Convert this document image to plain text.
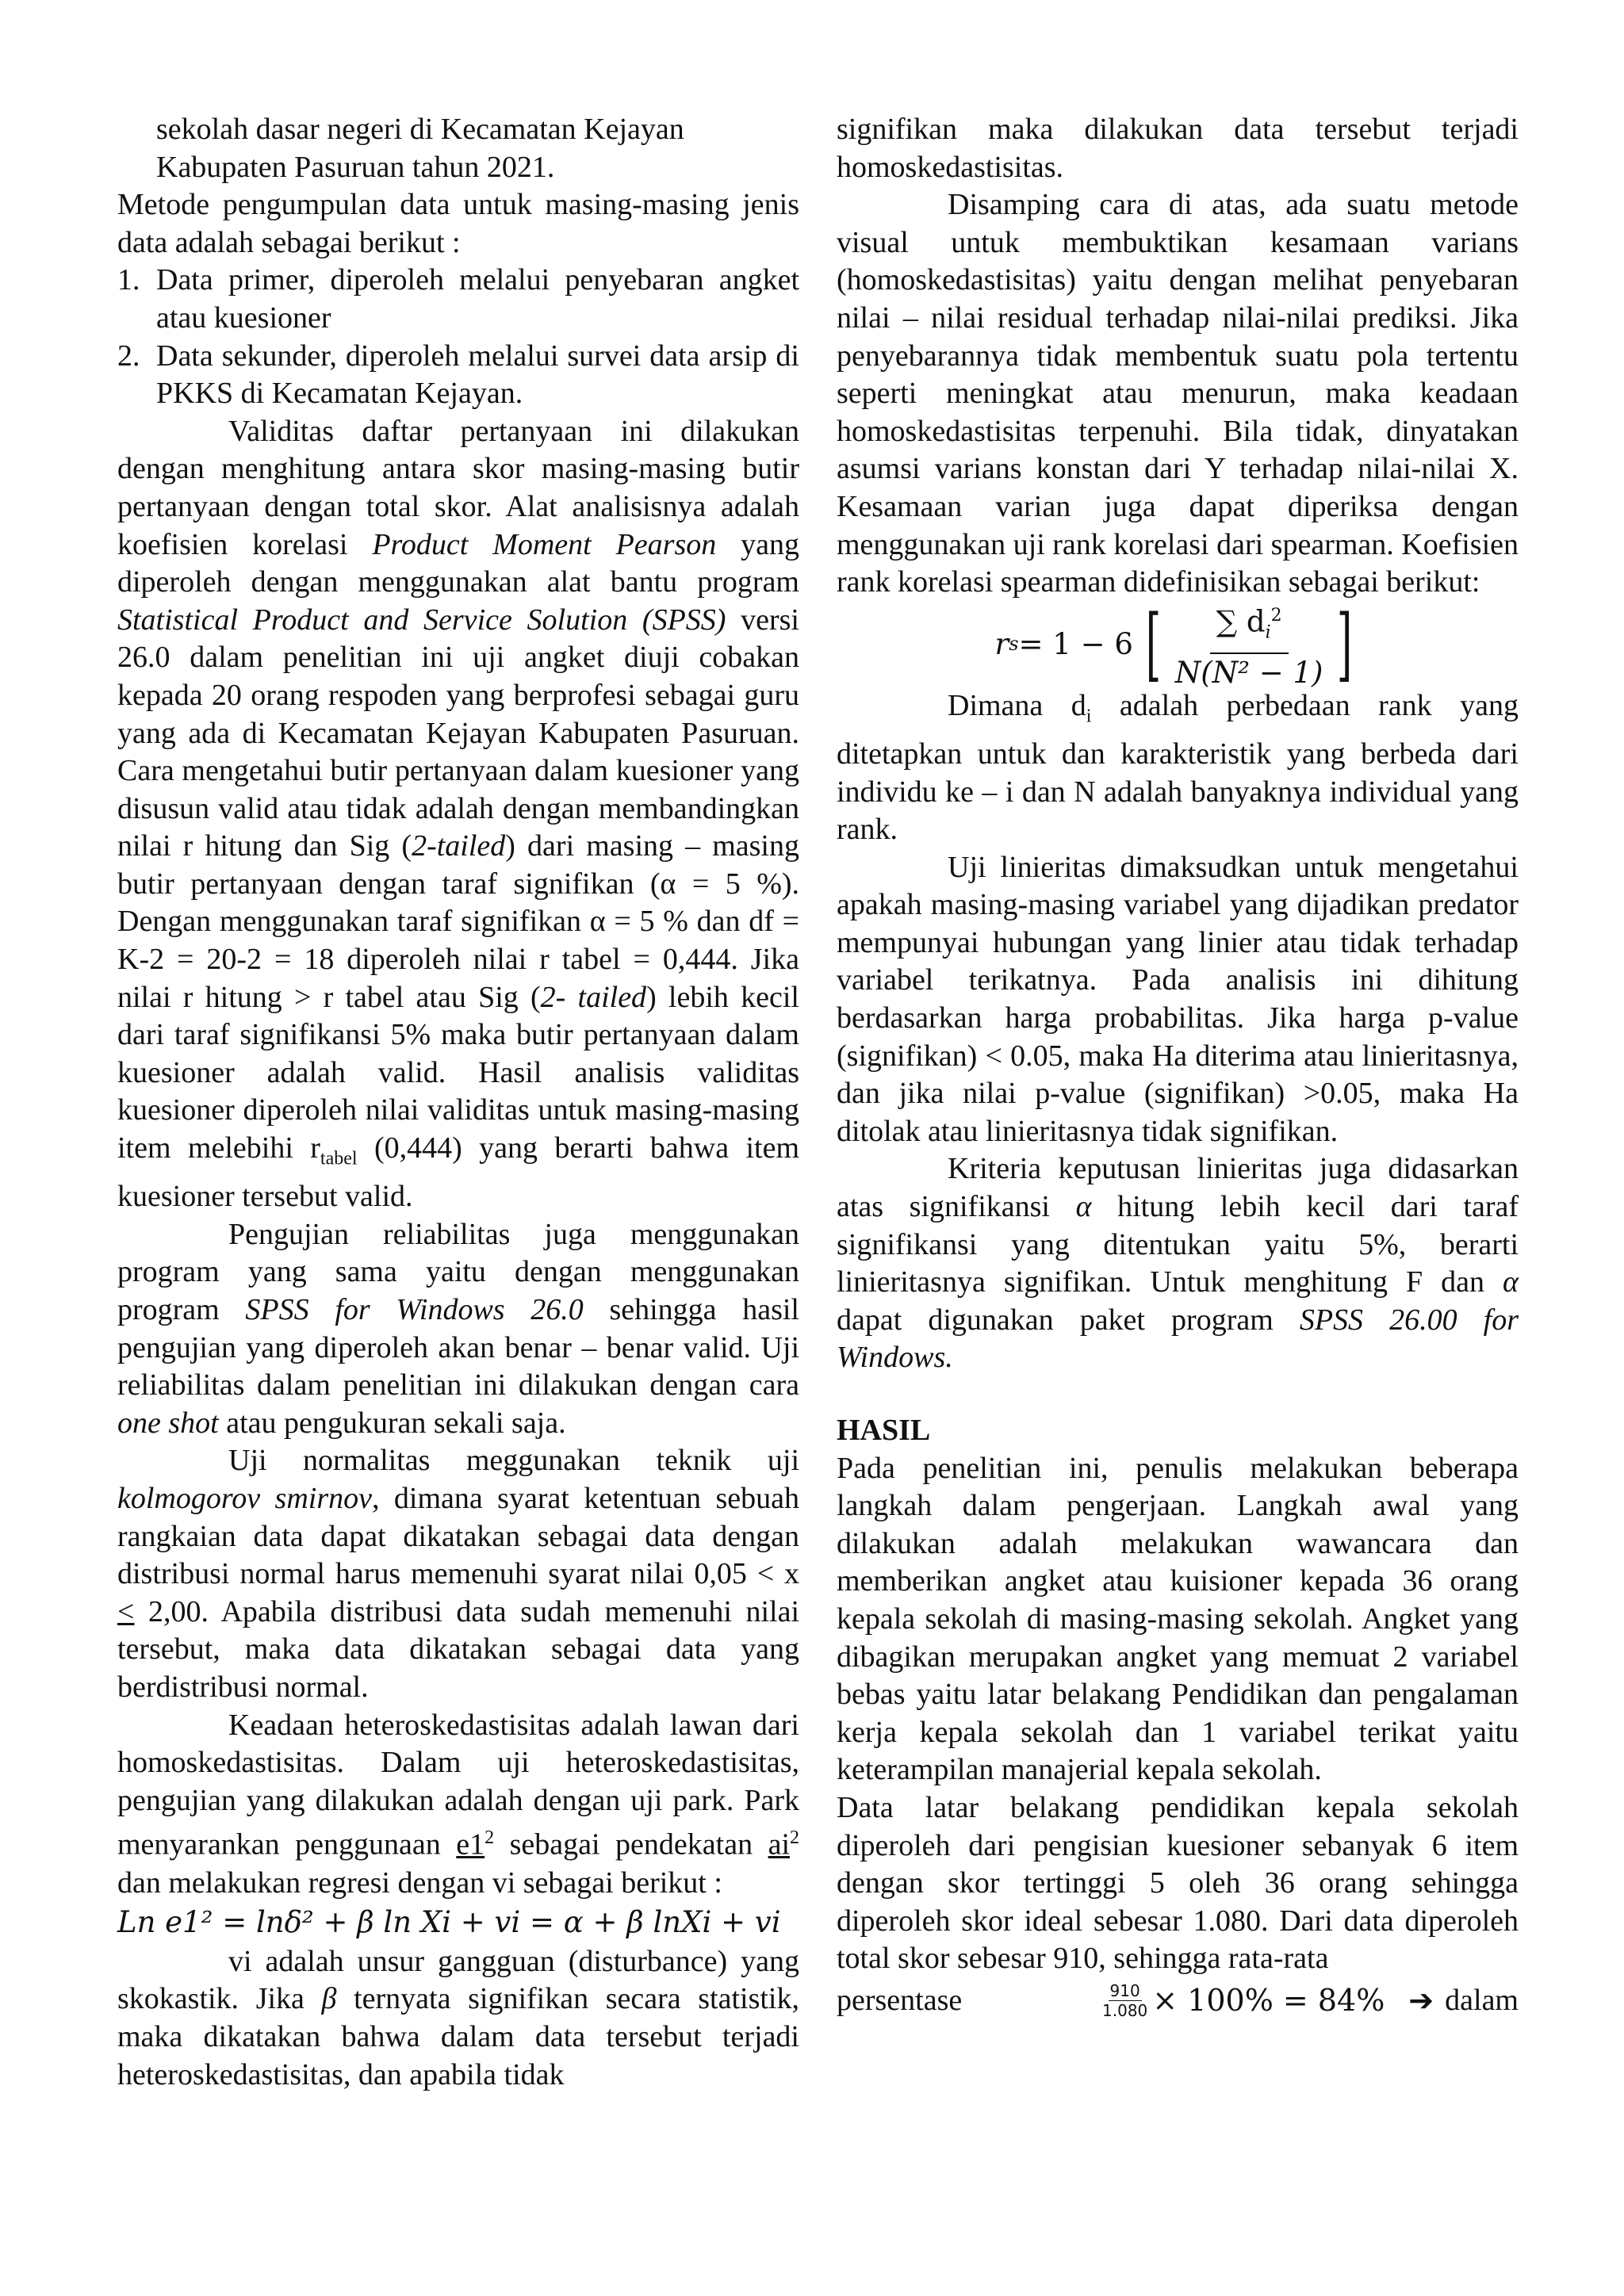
sekolah dasar negeri di Kecamatan Kejayan
Kabupaten Pasuruan tahun 2021.

Metode pengumpulan data untuk masing-masing jenis data adalah sebagai berikut :

1. Data primer, diperoleh melalui penyebaran angket atau kuesioner
2. Data sekunder, diperoleh melalui survei data arsip di PKKS di Kecamatan Kejayan.

Validitas daftar pertanyaan ini dilakukan dengan menghitung antara skor masing-masing butir pertanyaan dengan total skor. Alat analisisnya adalah koefisien korelasi Product Moment Pearson yang diperoleh dengan menggunakan alat bantu program Statistical Product and Service Solution (SPSS) versi 26.0 dalam penelitian ini uji angket diuji cobakan kepada 20 orang respoden yang berprofesi sebagai guru yang ada di Kecamatan Kejayan Kabupaten Pasuruan. Cara mengetahui butir pertanyaan dalam kuesioner yang disusun valid atau tidak adalah dengan membandingkan nilai r hitung dan Sig (2-tailed) dari masing – masing butir pertanyaan dengan taraf signifikan (α = 5 %). Dengan menggunakan taraf signifikan α = 5 % dan df = K-2 = 20-2 = 18 diperoleh nilai r tabel = 0,444. Jika nilai r hitung > r tabel atau Sig (2- tailed) lebih kecil dari taraf signifikansi 5% maka butir pertanyaan dalam kuesioner adalah valid. Hasil analisis validitas kuesioner diperoleh nilai validitas untuk masing-masing item melebihi $r_{tabel}$ (0,444) yang berarti bahwa item kuesioner tersebut valid.

Pengujian reliabilitas juga menggunakan program yang sama yaitu dengan menggunakan program SPSS for Windows 26.0 sehingga hasil pengujian yang diperoleh akan benar – benar valid. Uji reliabilitas dalam penelitian ini dilakukan dengan cara one shot atau pengukuran sekali saja.

Uji normalitas meggunakan teknik uji kolmogorov smirnov, dimana syarat ketentuan sebuah rangkaian data dapat dikatakan sebagai data dengan distribusi normal harus memenuhi syarat nilai 0,05 < x < 2,00. Apabila distribusi data sudah memenuhi nilai tersebut, maka data dikatakan sebagai data yang berdistribusi normal.

Keadaan heteroskedastisitas adalah lawan dari homoskedastisitas. Dalam uji heteroskedastisitas, pengujian yang dilakukan adalah dengan uji park. Park menyarankan penggunaan $e1^2$ sebagai pendekatan $ai^2$ dan melakukan regresi dengan vi sebagai berikut :

Ln e1² = lnδ² + β ln Xi + vi = α + β lnXi + vi

vi adalah unsur gangguan (disturbance) yang skokastik. Jika β ternyata signifikan secara statistik, maka dikatakan bahwa dalam data tersebut terjadi heteroskedastisitas, dan apabila tidak

signifikan maka dilakukan data tersebut terjadi homoskedastisitas.

Disamping cara di atas, ada suatu metode visual untuk membuktikan kesamaan varians (homoskedastisitas) yaitu dengan melihat penyebaran nilai – nilai residual terhadap nilai-nilai prediksi. Jika penyebarannya tidak membentuk suatu pola tertentu seperti meningkat atau menurun, maka keadaan homoskedastisitas terpenuhi. Bila tidak, dinyatakan asumsi varians konstan dari Y terhadap nilai-nilai X. Kesamaan varian juga dapat diperiksa dengan menggunakan uji rank korelasi dari spearman. Koefisien rank korelasi spearman didefinisikan sebagai berikut:

r s = 1 − 6 [ $\frac{\sum d_i^2}{\text{N(N² − 1)}}$ ]

Dimana $d_i$ adalah perbedaan rank yang ditetapkan untuk dan karakteristik yang berbeda dari individu ke – i dan N adalah banyaknya individual yang rank.

Uji linieritas dimaksudkan untuk mengetahui apakah masing-masing variabel yang dijadikan predator mempunyai hubungan yang linier atau tidak terhadap variabel terikatnya. Pada analisis ini dihitung berdasarkan harga probabilitas. Jika harga p-value (signifikan) < 0.05, maka Ha diterima atau linieritasnya, dan jika nilai p-value (signifikan) >0.05, maka Ha ditolak atau linieritasnya tidak signifikan.

Kriteria keputusan linieritas juga didasarkan atas signifikansi α hitung lebih kecil dari taraf signifikansi yang ditentukan yaitu 5%, berarti linieritasnya signifikan. Untuk menghitung F dan α dapat digunakan paket program SPSS 26.00 for Windows.

HASIL

Pada penelitian ini, penulis melakukan beberapa langkah dalam pengerjaan. Langkah awal yang dilakukan adalah melakukan wawancara dan memberikan angket atau kuisioner kepada 36 orang kepala sekolah di masing-masing sekolah. Angket yang dibagikan merupakan angket yang memuat 2 variabel bebas yaitu latar belakang Pendidikan dan pengalaman kerja kepala sekolah dan 1 variabel terikat yaitu keterampilan manajerial kepala sekolah.

Data latar belakang pendidikan kepala sekolah diperoleh dari pengisian kuesioner sebanyak 6 item dengan skor tertinggi 5 oleh 36 orang sehingga diperoleh skor ideal sebesar 1.080. Dari data diperoleh total skor sebesar 910, sehingga rata-rata

persentase	$\frac{910}{1.080} \times 100\% = 84\%$ ➔ dalam
